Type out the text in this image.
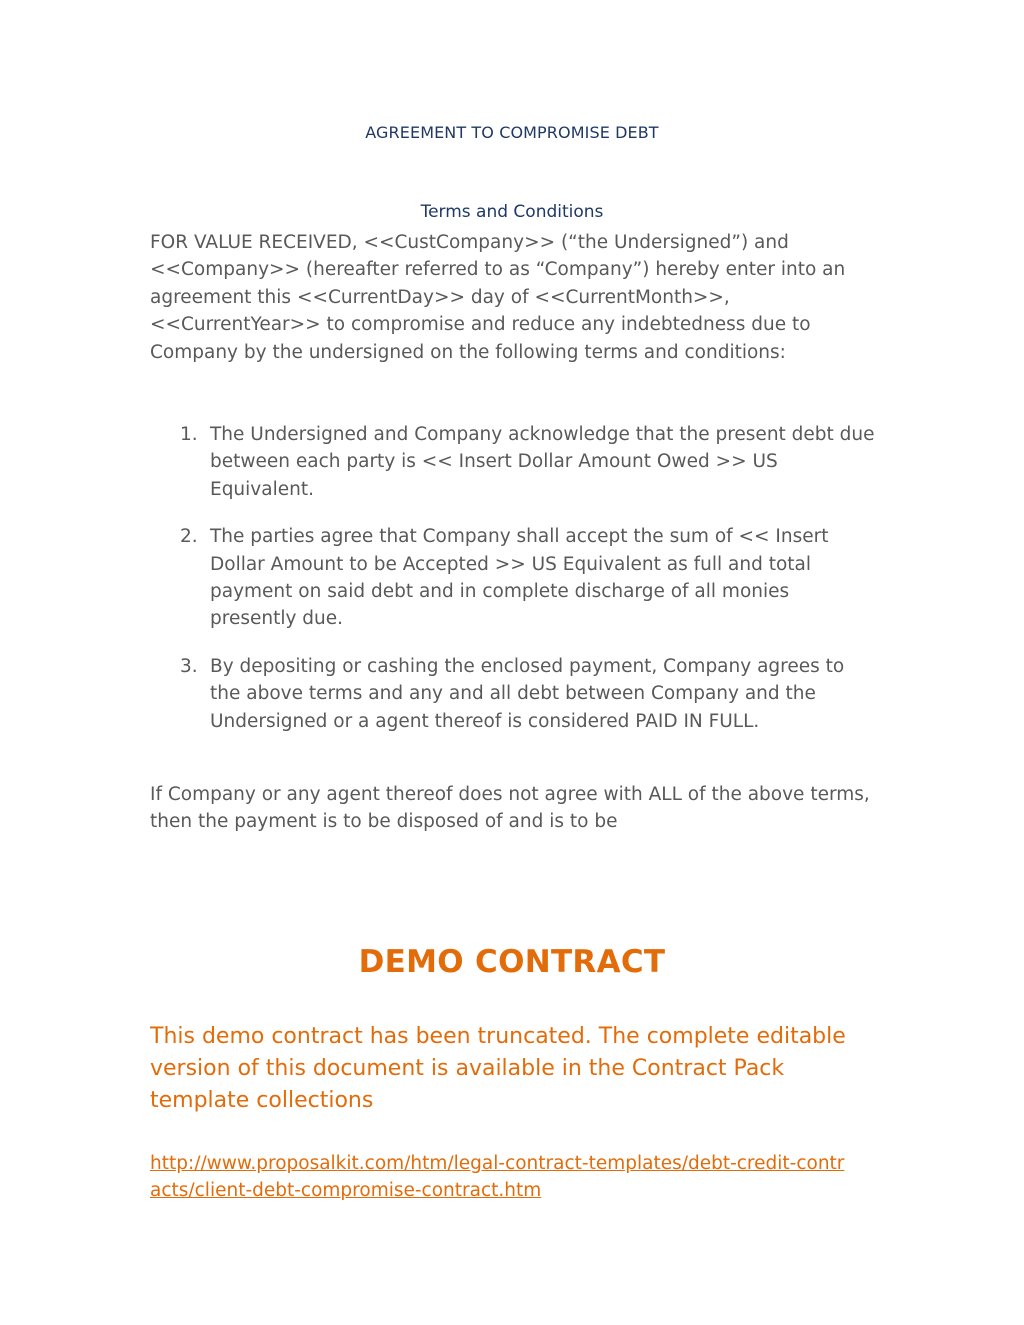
AGREEMENT TO COMPROMISE DEBT
Terms and Conditions

FOR VALUE RECEIVED, <<CustCompany>> (“the Undersigned”) and <<Company>> (hereafter referred to as “Company”) hereby enter into an agreement this <<CurrentDay>> day of <<CurrentMonth>>, <<CurrentYear>> to compromise and reduce any indebtedness due to Company by the undersigned on the following terms and conditions:

1. The Undersigned and Company acknowledge that the present debt due between each party is << Insert Dollar Amount Owed >> US Equivalent.
2. The parties agree that Company shall accept the sum of << Insert Dollar Amount to be Accepted >> US Equivalent as full and total payment on said debt and in complete discharge of all monies presently due.
3. By depositing or cashing the enclosed payment, Company agrees to the above terms and any and all debt between Company and the Undersigned or a agent thereof is considered PAID IN FULL.

If Company or any agent thereof does not agree with ALL of the above terms, then the payment is to be disposed of and is to be

DEMO CONTRACT

This demo contract has been truncated. The complete editable version of this document is available in the Contract Pack template collections

http://www.proposalkit.com/htm/legal-contract-templates/debt-credit-contracts/client-debt-compromise-contract.htm
